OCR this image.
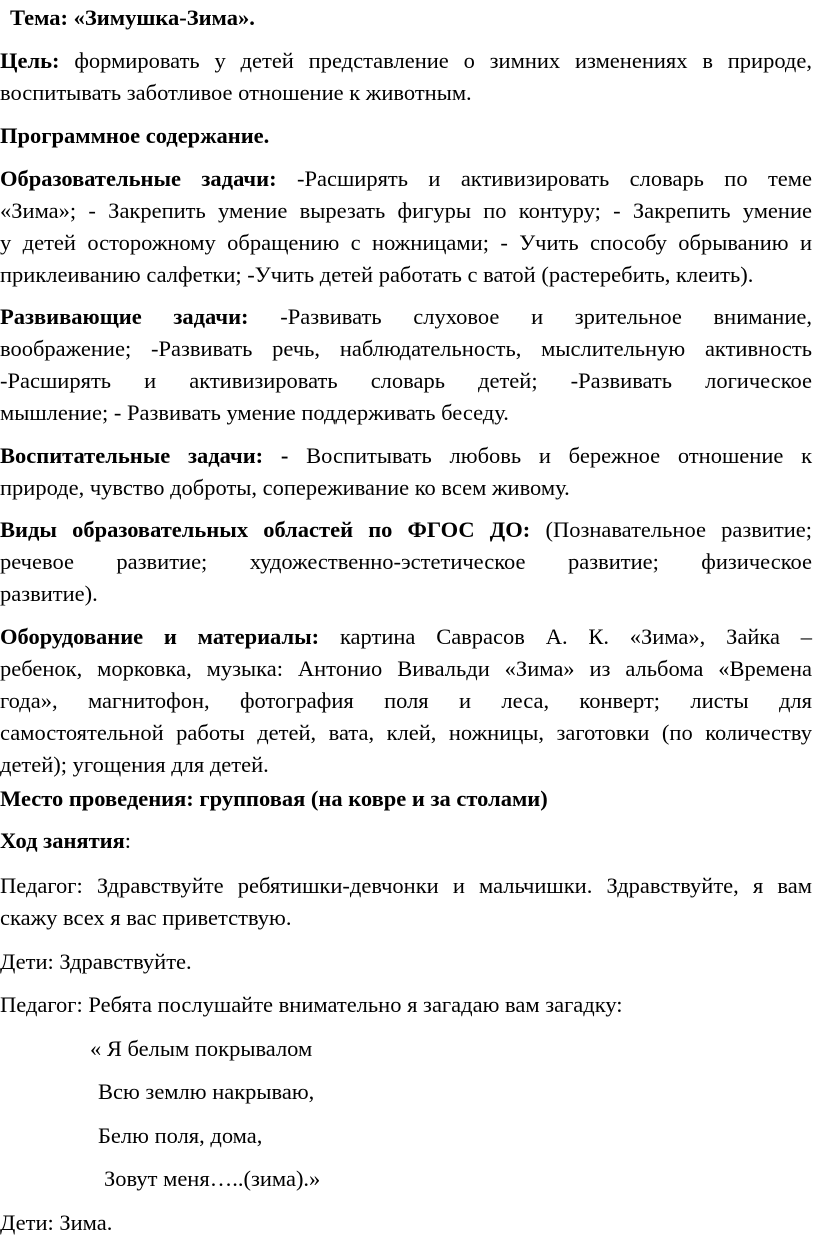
Тема: «Зимушка-Зима».
Цель: формировать у детей представление о зимних изменениях в природе,
воспитывать заботливое отношение к животным.
Программное содержание.
Образовательные задачи: -Расширять и активизировать словарь по теме
«Зима»; - Закрепить умение вырезать фигуры по контуру; - Закрепить умение
у детей осторожному обращению с ножницами; - Учить способу обрыванию и
приклеиванию салфетки; -Учить детей работать с ватой (растеребить, клеить).
Развивающие задачи: -Развивать слуховое и зрительное внимание,
воображение; -Развивать речь, наблюдательность, мыслительную активность
-Расширять и активизировать словарь детей; -Развивать логическое
мышление; - Развивать умение поддерживать беседу.
Воспитательные задачи: - Воспитывать любовь и бережное отношение к
природе, чувство доброты, сопереживание ко всем живому.
Виды образовательных областей по ФГОС ДО: (Познавательное развитие;
речевое развитие; художественно-эстетическое развитие; физическое
развитие).
Оборудование и материалы: картина Саврасов А. К. «Зима», Зайка –
ребенок, морковка, музыка: Антонио Вивальди «Зима» из альбома «Времена
года», магнитофон, фотография поля и леса, конверт; листы для
самостоятельной работы детей, вата, клей, ножницы, заготовки (по количеству
детей); угощения для детей.
Место проведения: групповая (на ковре и за столами)
Ход занятия:
Педагог: Здравствуйте ребятишки-девчонки и мальчишки. Здравствуйте, я вам
скажу всех я вас приветствую.
Дети: Здравствуйте.
Педагог: Ребята послушайте внимательно я загадаю вам загадку:
« Я белым покрывалом
Всю землю накрываю,
Белю поля, дома,
Зовут меня…..(зима).»
Дети: Зима.
